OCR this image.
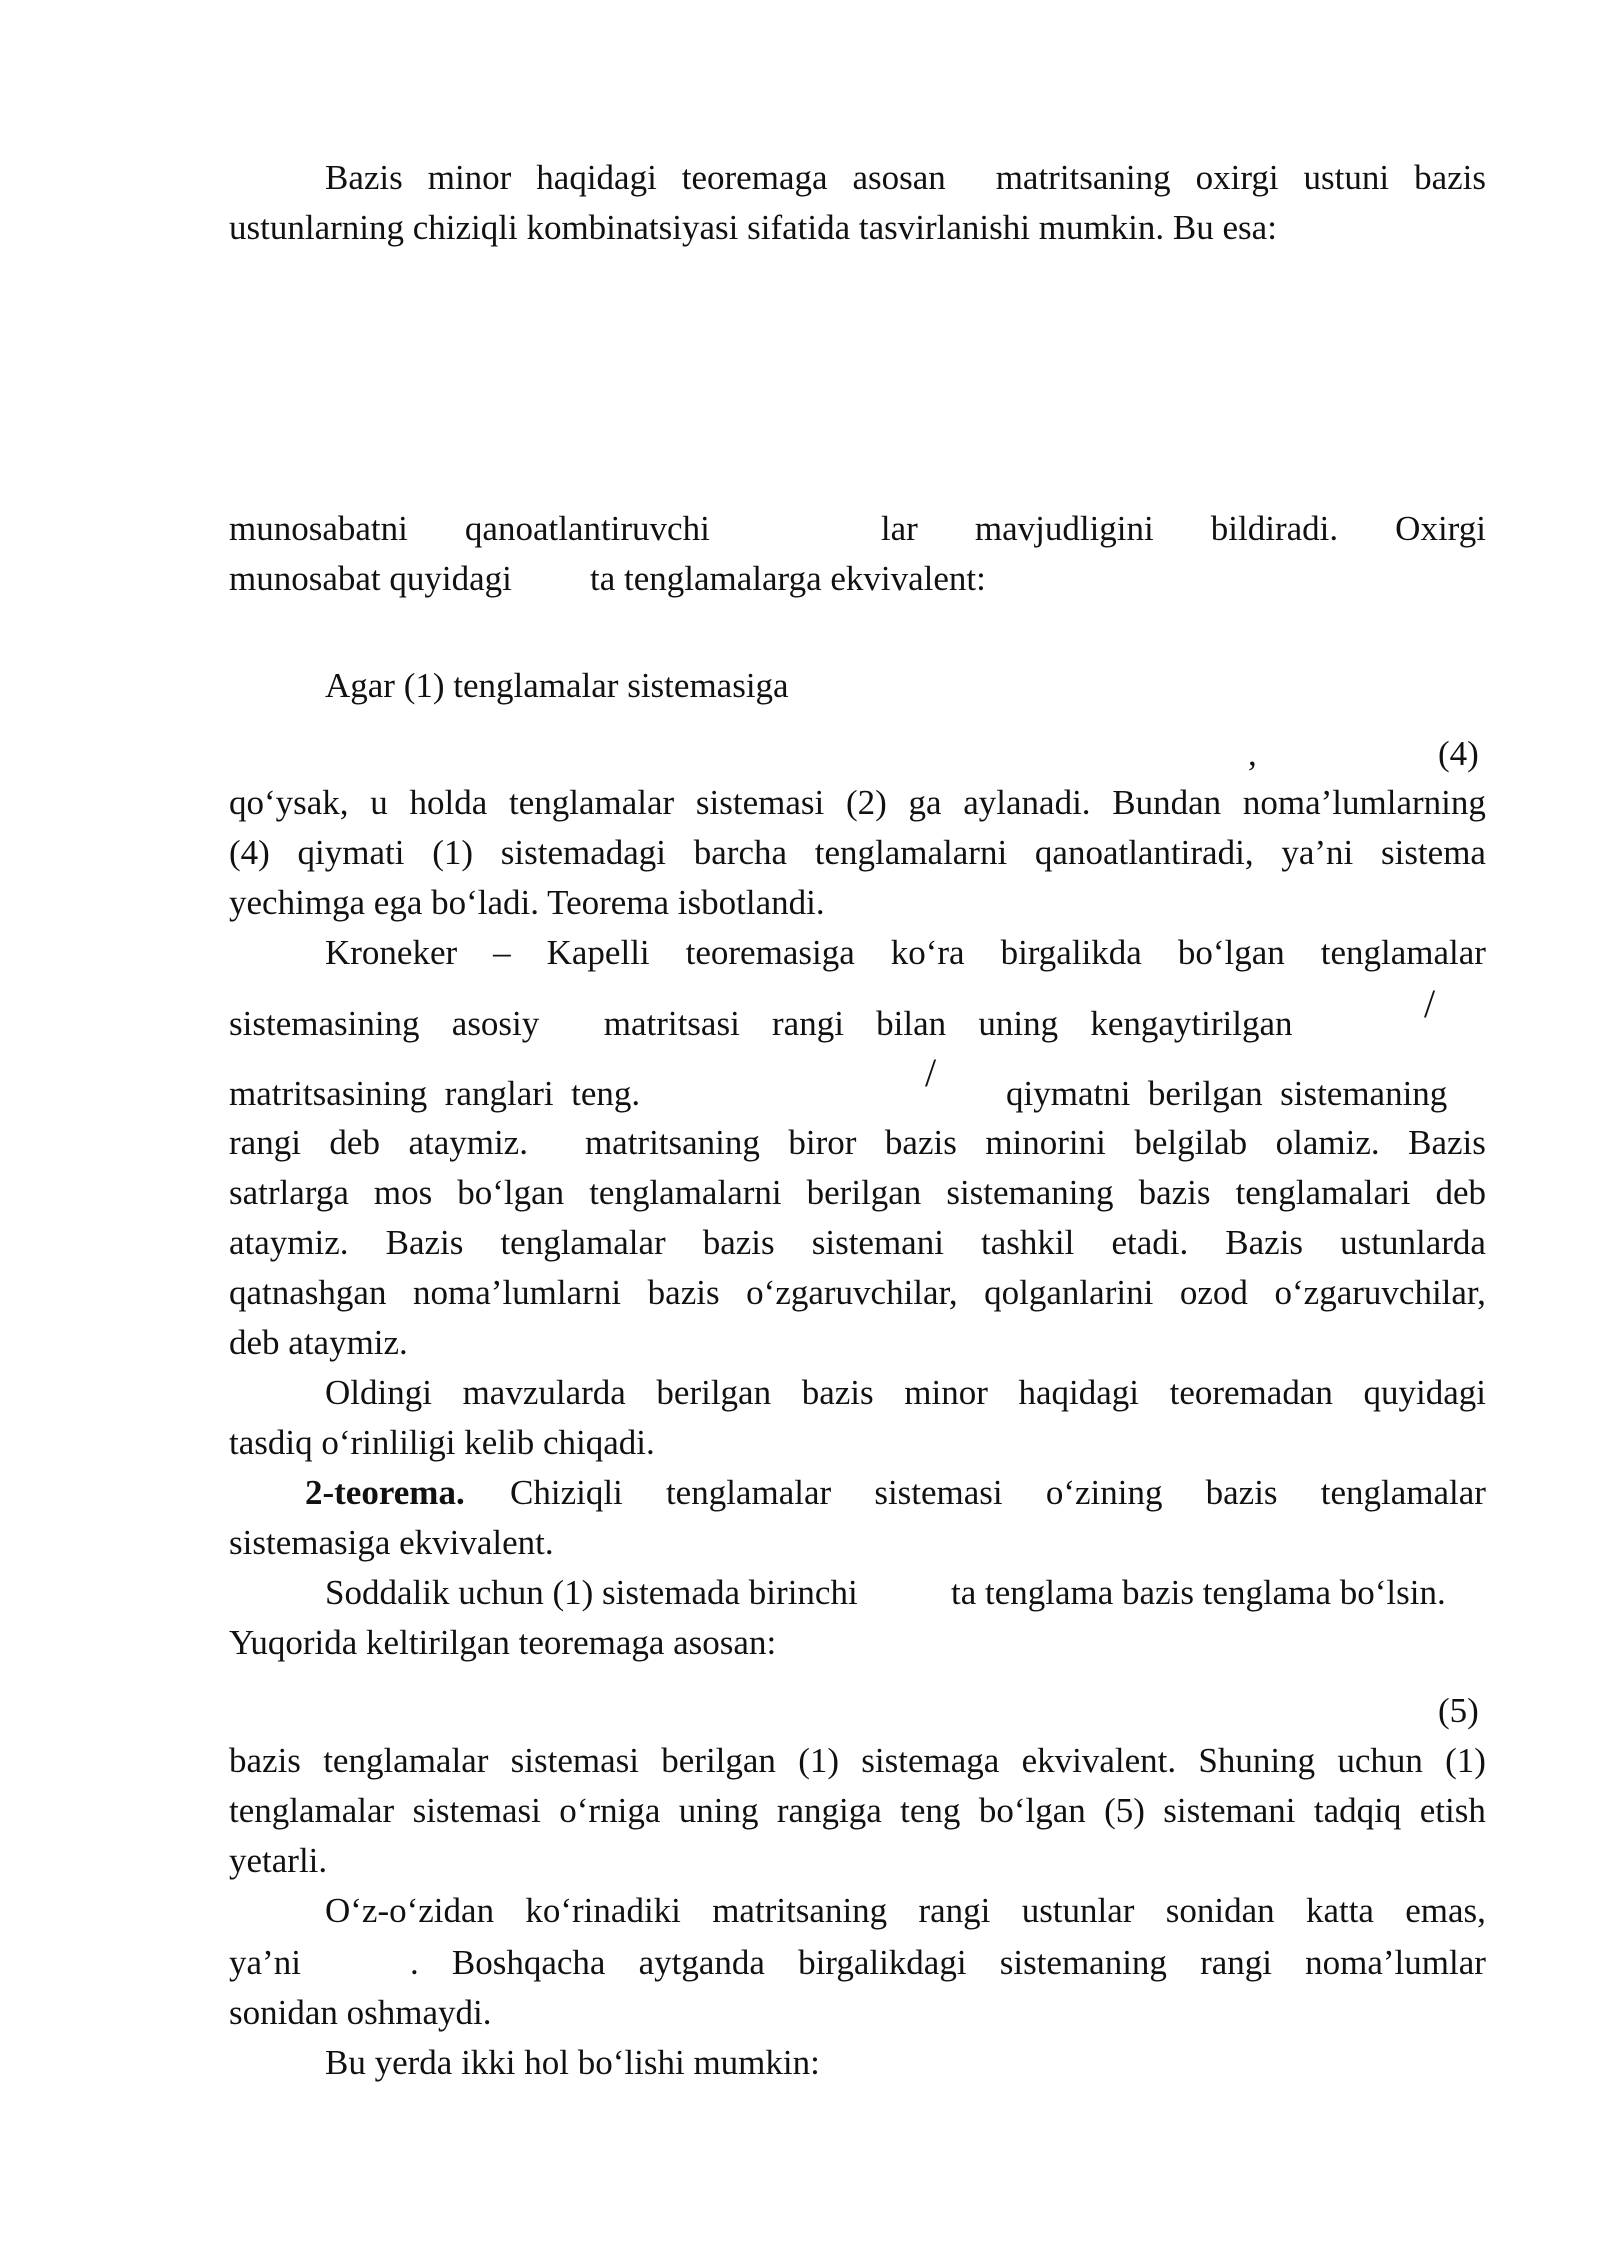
Bazis minor haqidagi teoremaga asosan matritsaning oxirgi ustuni bazis
ustunlarning chiziqli kombinatsiyasi sifatida tasvirlanishi mumkin. Bu esa:
munosabatni qanoatlantiruvchi	lar mavjudligini bildiradi. Oxirgi
munosabat quyidagi ta tenglamalarga ekvivalent:
Agar (1) tenglamalar sistemasiga
,	(4)
qo‘ysak, u holda tenglamalar sistemasi (2) ga aylanadi. Bundan noma’lumlarning
(4) qiymati (1) sistemadagi barcha tenglamalarni qanoatlantiradi, ya’ni sistema
yechimga ega bo‘ladi. Teorema isbotlandi.
Kroneker – Kapelli teoremasiga ko‘ra birgalikda bo‘lgan tenglamalar
sistemasining asosiy matritsasi rangi bilan uning kengaytirilgan	/
matritsasining  ranglari  teng.	/ qiymatni  berilgan  sistemaning
rangi deb ataymiz. matritsaning biror bazis minorini belgilab olamiz. Bazis
satrlarga mos bo‘lgan tenglamalarni berilgan sistemaning bazis tenglamalari deb
ataymiz. Bazis tenglamalar bazis sistemani tashkil etadi. Bazis ustunlarda
qatnashgan noma’lumlarni bazis o‘zgaruvchilar, qolganlarini ozod o‘zgaruvchilar,
deb ataymiz.
Oldingi mavzularda berilgan bazis minor haqidagi teoremadan quyidagi
tasdiq o‘rinliligi kelib chiqadi.
2-teorema. Chiziqli tenglamalar sistemasi o‘zining bazis tenglamalar
sistemasiga ekvivalent.
Soddalik uchun (1) sistemada birinchi	ta tenglama bazis tenglama bo‘lsin.
Yuqorida keltirilgan teoremaga asosan:
(5)
bazis tenglamalar sistemasi berilgan (1) sistemaga ekvivalent. Shuning uchun (1)
tenglamalar sistemasi o‘rniga uning rangiga teng bo‘lgan (5) sistemani tadqiq etish
yetarli.
O‘z-o‘zidan ko‘rinadiki matritsaning rangi ustunlar sonidan katta emas,
ya’ni	. Boshqacha aytganda birgalikdagi sistemaning rangi noma’lumlar
sonidan oshmaydi.
Bu yerda ikki hol bo‘lishi mumkin:
